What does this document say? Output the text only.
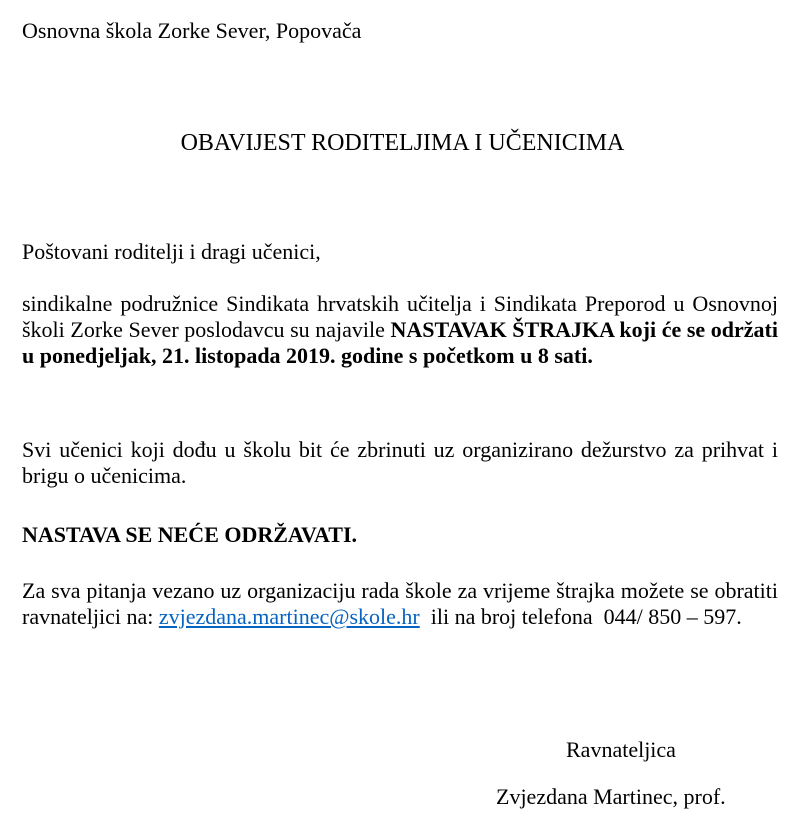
Osnovna škola Zorke Sever, Popovača
OBAVIJEST RODITELJIMA I UČENICIMA
Poštovani roditelji i dragi učenici,
sindikalne podružnice Sindikata hrvatskih učitelja i Sindikata Preporod u Osnovnoj školi Zorke Sever poslodavcu su najavile NASTAVAK ŠTRAJKA koji će se održati u ponedjeljak, 21. listopada 2019. godine s početkom u 8 sati.
Svi učenici koji dođu u školu bit će zbrinuti uz organizirano dežurstvo za prihvat i brigu o učenicima.
NASTAVA SE NEĆE ODRŽAVATI.
Za sva pitanja vezano uz organizaciju rada škole za vrijeme štrajka možete se obratiti ravnateljici na: zvjezdana.martinec@skole.hr  ili na broj telefona  044/ 850 – 597.
Ravnateljica
Zvjezdana Martinec, prof.
